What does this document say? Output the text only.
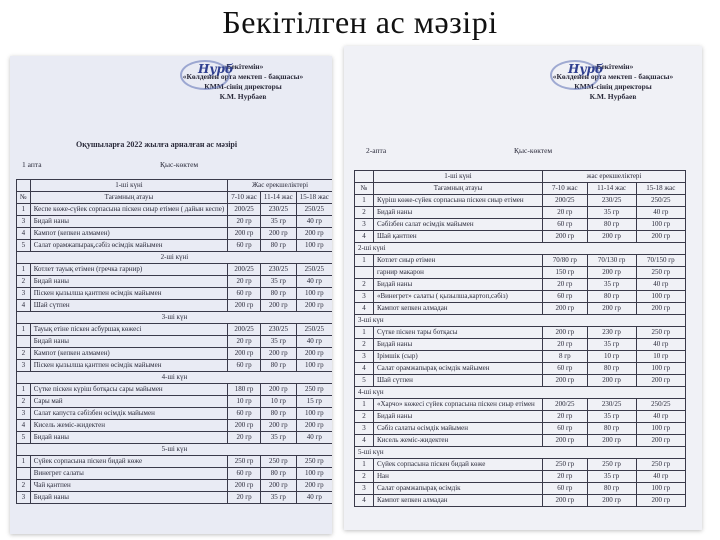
Бекітілген ас мәзірі
Нурб
«Бекітемін»
«Көлденен орта мектеп - бақшасы»
КММ-сінің директоры
К.М. Нурбаев
Оқушыларға 2022 жылға арналған ас мәзірі
1 апта	Қыс-көктем
	1-ші күні	Жас ерекшеліктері		
№	Тағамның атауы	7-10 жас	11-14 жас	15-18 жас
1	Кеспе көже-сүйек сорпасына піскен сиыр етімен ( дайын кеспе)	200/25	230/25	250/25
3	Бидай наны	20 гр	35 гр	40 гр
4	Кампот (кепкен алмамен)	200 гр	200 гр	200 гр
5	Салат орамжапырақ,сәбіз өсімдік майымен	60 гр	80 гр	100 гр
2-ші күні				
1	Котлет тауық етімен (гречка гарнир)	200/25	230/25	250/25
2	Бидай наны	20 гр	35 гр	40 гр
3	Піскен қызылша қантпен өсімдік майымен	60 гр	80 гр	100 гр
4	Шай сүтпен	200 гр	200 гр	200 гр
3-ші күн				
1	Тауық етіне піскен асбуршақ көжесі	200/25	230/25	250/25
	Бидай наны	20 гр	35 гр	40 гр
2	Кампот (кепкен алмамен)	200 гр	200 гр	200 гр
3	Піскен қызылша қантпен өсімдік майымен	60 гр	80 гр	100 гр
4-ші күн				
1	Сүтке піскен күріш ботқасы сары майымен	180 гр	200 гр	250 гр
2	Сары май	10 гр	10 гр	15 гр
3	Салат капуста сәбізбен өсімдік майымен	60 гр	80 гр	100 гр
4	Кисель жеміс-жидектен	200 гр	200 гр	200 гр
5	Бидай наны	20 гр	35 гр	40 гр
5-ші күн				
1	Сүйек сорпасына піскен бидай көже	250 гр	250 гр	250 гр
	Винегрет салаты	60 гр	80 гр	100 гр
2	Чай қантпен	200 гр	200 гр	200 гр
3	Бидай наны	20 гр	35 гр	40 гр
Нурб
«Бекітемін»
«Көлденен орта мектеп - бақшасы»
КММ-сінің директоры
К.М. Нурбаев
2-апта	Қыс-көктем
	1-ші күні	жас ерекшеліктері		
№	Тағамның атауы	7-10 жас	11-14 жас	15-18 жас
1	Күріш көже-сүйек сорпасына піскен сиыр етімен	200/25	230/25	250/25
2	Бидай наны	20 гр	35 гр	40 гр
3	Сәбізбен салат өсімдік майымен	60 гр	80 гр	100 гр
4	Шай қантпен	200 гр	200 гр	200 гр
2-ші күні				
1	Котлет сиыр етімен	70/80 гр	70/130 гр	70/150 гр
	гарнир макарон	150 гр	200 гр	250 гр
2	Бидай наны	20 гр	35 гр	40 гр
3	«Винегрет» салаты ( қызылша,картоп,сәбіз)	60 гр	80 гр	100 гр
4	Кампот кепкен алмадан	200 гр	200 гр	200 гр
3-ші күн				
1	Сүтке піскен тары ботқасы	200 гр	230 гр	250 гр
2	Бидай наны	20 гр	35 гр	40 гр
3	Ірімшік (сыр)	8 гр	10 гр	10 гр
4	Салат орамжапырақ өсімдік майымен	60 гр	80 гр	100 гр
5	Шай сүтпен	200 гр	200 гр	200 гр
4-ші күн				
1	«Харчо» көжесі сүйек сорпасына піскен сиыр етімен	200/25	230/25	250/25
2	Бидай наны	20 гр	35 гр	40 гр
3	Сәбіз салаты өсімдік майымен	60 гр	80 гр	100 гр
4	Кисель жеміс-жидектен	200 гр	200 гр	200 гр
5-ші күн				
1	Сүйек сорпасына піскен бидай көже	250 гр	250 гр	250 гр
2	Нан	20 гр	35 гр	40 гр
3	Салат орамжапырақ өсімдік	60 гр	80 гр	100 гр
4	Кампот кепкен алмадан	200 гр	200 гр	200 гр
